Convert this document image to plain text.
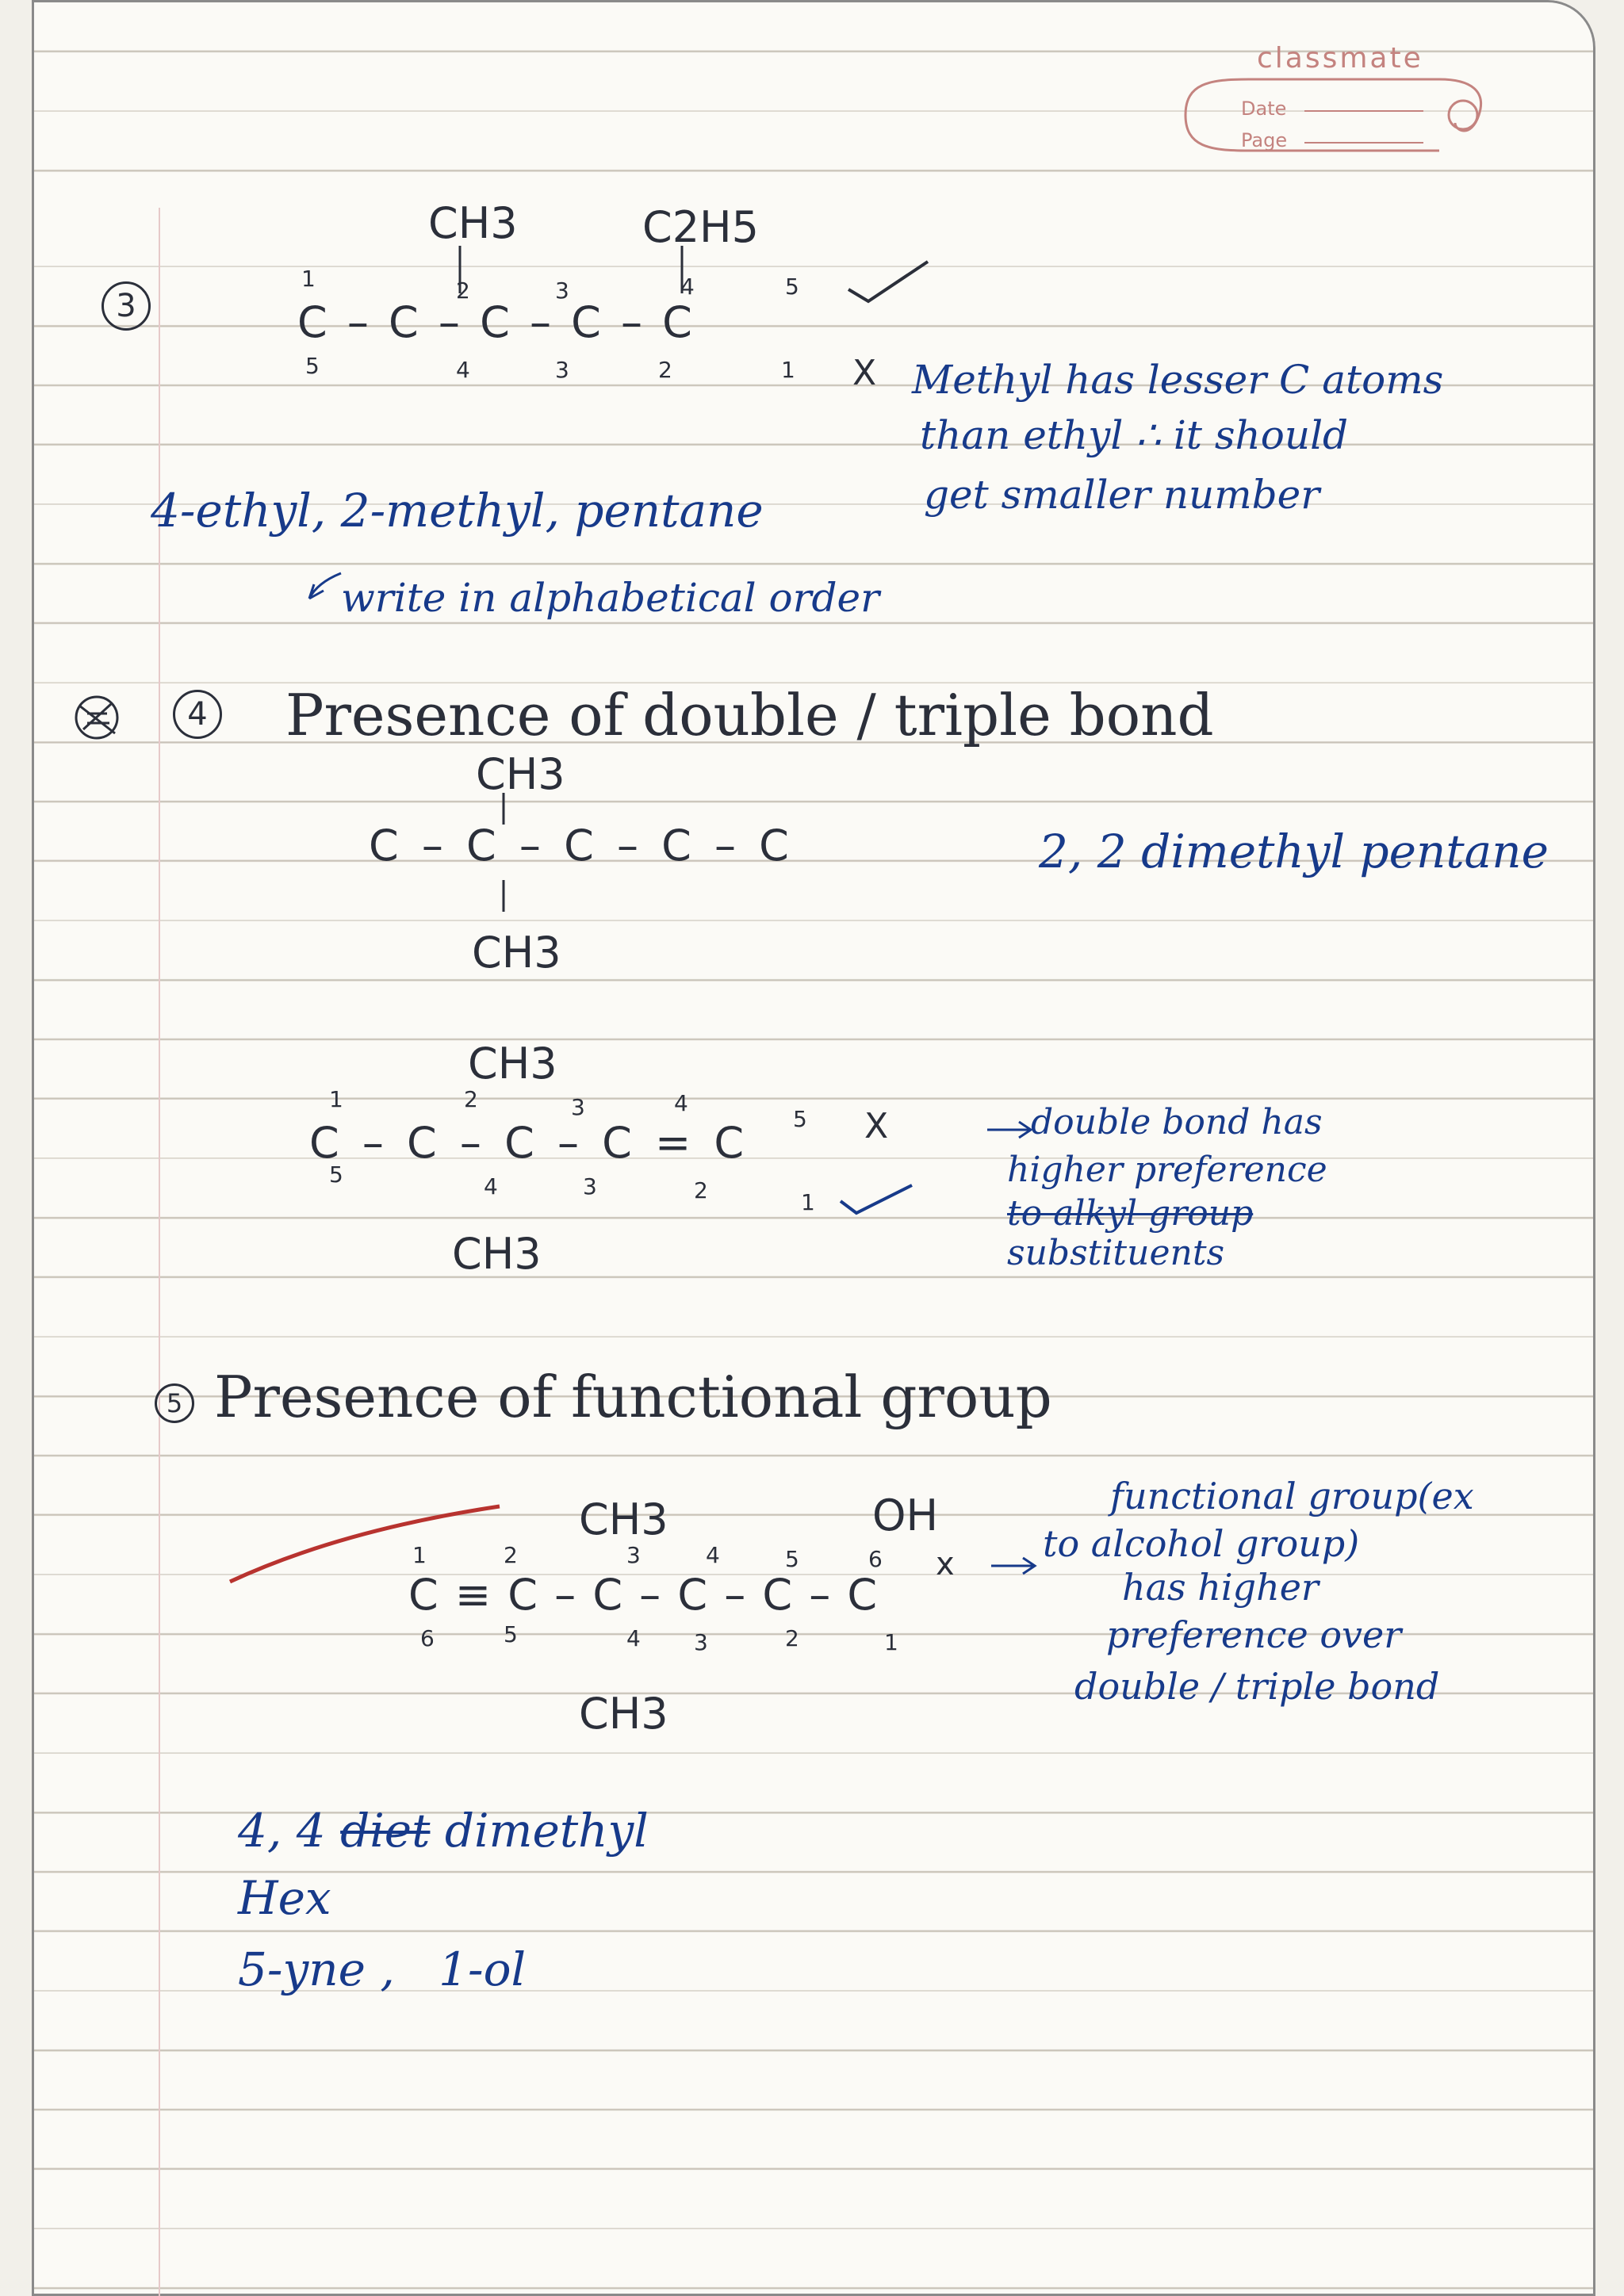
classmate
Date
Page
3
CH3	C2H5
C – C – C – C – C
1	2	3	4	5
5	4	3	2	1 X Methyl has lesser C atoms
than ethyl ∴ it should
get smaller number
4-ethyl, 2-methyl, pentane
write in alphabetical order
4 Presence of double / triple bond
CH3
C – C – C – C – C
CH3
2, 2 dimethyl pentane
CH3
C – C – C – C = C
CH3
1	2	3	4
5
5	4	3	2	1
X	double bond has
higher preference
to alkyl group
substituents
5 Presence of functional group
CH3	OH
C ≡ C – C – C – C – C
CH3
1	2	3	4	5	6
6	5	4 3	2	1
x
functional group(ex
to alcohol group)
has higher
preference over
double / triple bond
4, 4 diet dimethyl
Hex
5-yne ,   1-ol
